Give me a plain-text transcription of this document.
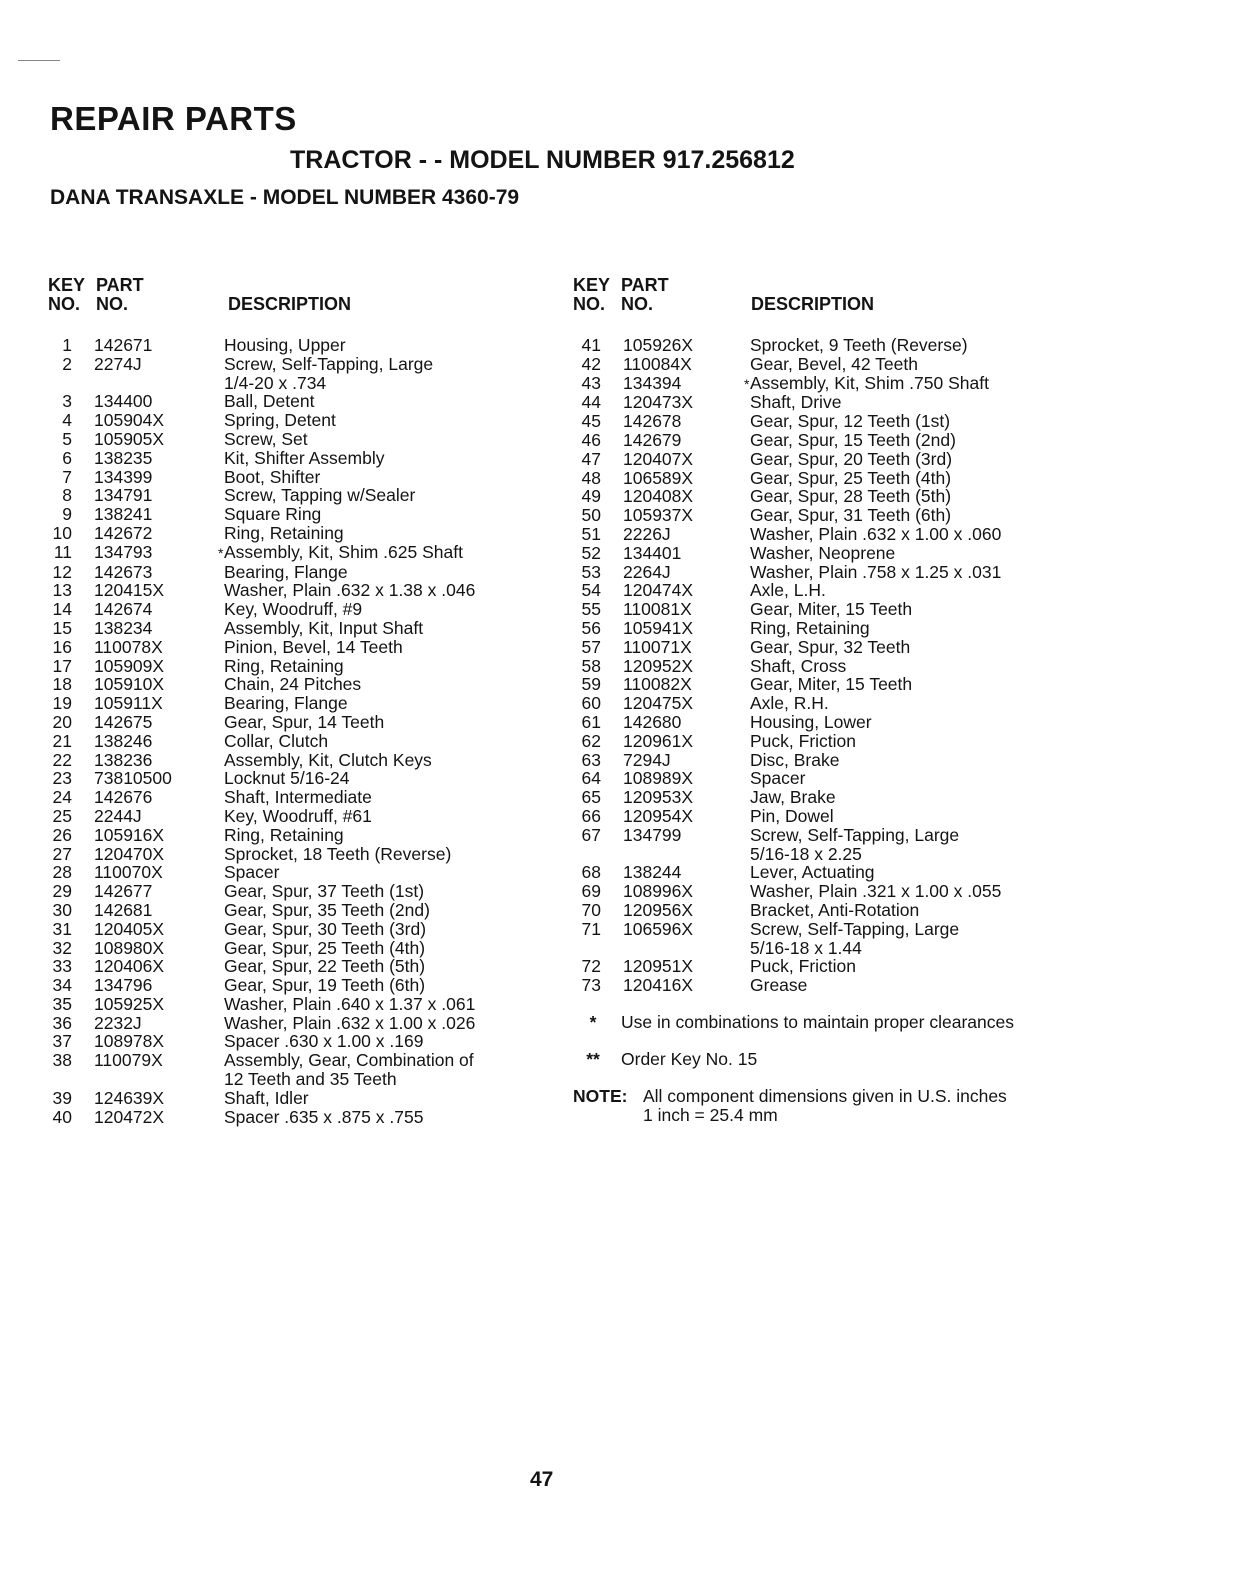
REPAIR PARTS
TRACTOR - - MODEL NUMBER 917.256812
DANA TRANSAXLE - MODEL NUMBER 4360-79
KEY
NO.
PART
NO.	DESCRIPTION
1 142671	Housing, Upper
2 2274J	Screw, Self-Tapping, Large
1/4-20 x .734
3 134400	Ball, Detent
4 105904X	Spring, Detent
5 105905X	Screw, Set
6 138235	Kit, Shifter Assembly
7 134399	Boot, Shifter
8 134791	Screw, Tapping w/Sealer
9 138241	Square Ring
10 142672	Ring, Retaining
11 134793	*Assembly, Kit, Shim .625 Shaft
12 142673	Bearing, Flange
13 120415X	Washer, Plain .632 x 1.38 x .046
14 142674	Key, Woodruff, #9
15 138234	Assembly, Kit, Input Shaft
16 110078X	Pinion, Bevel, 14 Teeth
17 105909X	Ring, Retaining
18 105910X	Chain, 24 Pitches
19 105911X	Bearing, Flange
20 142675	Gear, Spur, 14 Teeth
21 138246	Collar, Clutch
22 138236	Assembly, Kit, Clutch Keys
23 73810500	Locknut 5/16-24
24 142676	Shaft, Intermediate
25 2244J	Key, Woodruff, #61
26 105916X	Ring, Retaining
27 120470X	Sprocket, 18 Teeth (Reverse)
28 110070X	Spacer
29 142677	Gear, Spur, 37 Teeth (1st)
30 142681	Gear, Spur, 35 Teeth (2nd)
31 120405X	Gear, Spur, 30 Teeth (3rd)
32 108980X	Gear, Spur, 25 Teeth (4th)
33 120406X	Gear, Spur, 22 Teeth (5th)
34 134796	Gear, Spur, 19 Teeth (6th)
35 105925X	Washer, Plain .640 x 1.37 x .061
36 2232J	Washer, Plain .632 x 1.00 x .026
37 108978X	Spacer .630 x 1.00 x .169
38 110079X	Assembly, Gear, Combination of
12 Teeth and 35 Teeth
39 124639X	Shaft, Idler
40 120472X	Spacer .635 x .875 x .755
KEY
NO.
PART
NO.	DESCRIPTION
41 105926X	Sprocket, 9 Teeth (Reverse)
42 110084X	Gear, Bevel, 42 Teeth
43 134394	*Assembly, Kit, Shim .750 Shaft
44 120473X	Shaft, Drive
45 142678	Gear, Spur, 12 Teeth (1st)
46 142679	Gear, Spur, 15 Teeth (2nd)
47 120407X	Gear, Spur, 20 Teeth (3rd)
48 106589X	Gear, Spur, 25 Teeth (4th)
49 120408X	Gear, Spur, 28 Teeth (5th)
50 105937X	Gear, Spur, 31 Teeth (6th)
51 2226J	Washer, Plain .632 x 1.00 x .060
52 134401	Washer, Neoprene
53 2264J	Washer, Plain .758 x 1.25 x .031
54 120474X	Axle, L.H.
55 110081X	Gear, Miter, 15 Teeth
56 105941X	Ring, Retaining
57 110071X	Gear, Spur, 32 Teeth
58 120952X	Shaft, Cross
59 110082X	Gear, Miter, 15 Teeth
60 120475X	Axle, R.H.
61 142680	Housing, Lower
62 120961X	Puck, Friction
63 7294J	Disc, Brake
64 108989X	Spacer
65 120953X	Jaw, Brake
66 120954X	Pin, Dowel
67 134799	Screw, Self-Tapping, Large
5/16-18 x 2.25
68 138244	Lever, Actuating
69 108996X	Washer, Plain .321 x 1.00 x .055
70 120956X	Bracket, Anti-Rotation
71 106596X	Screw, Self-Tapping, Large
5/16-18 x 1.44
72 120951X	Puck, Friction
73 120416X	Grease
*	Use in combinations to maintain proper clearances
**	Order Key No. 15
NOTE: All component dimensions given in U.S. inches
1 inch = 25.4 mm
47
